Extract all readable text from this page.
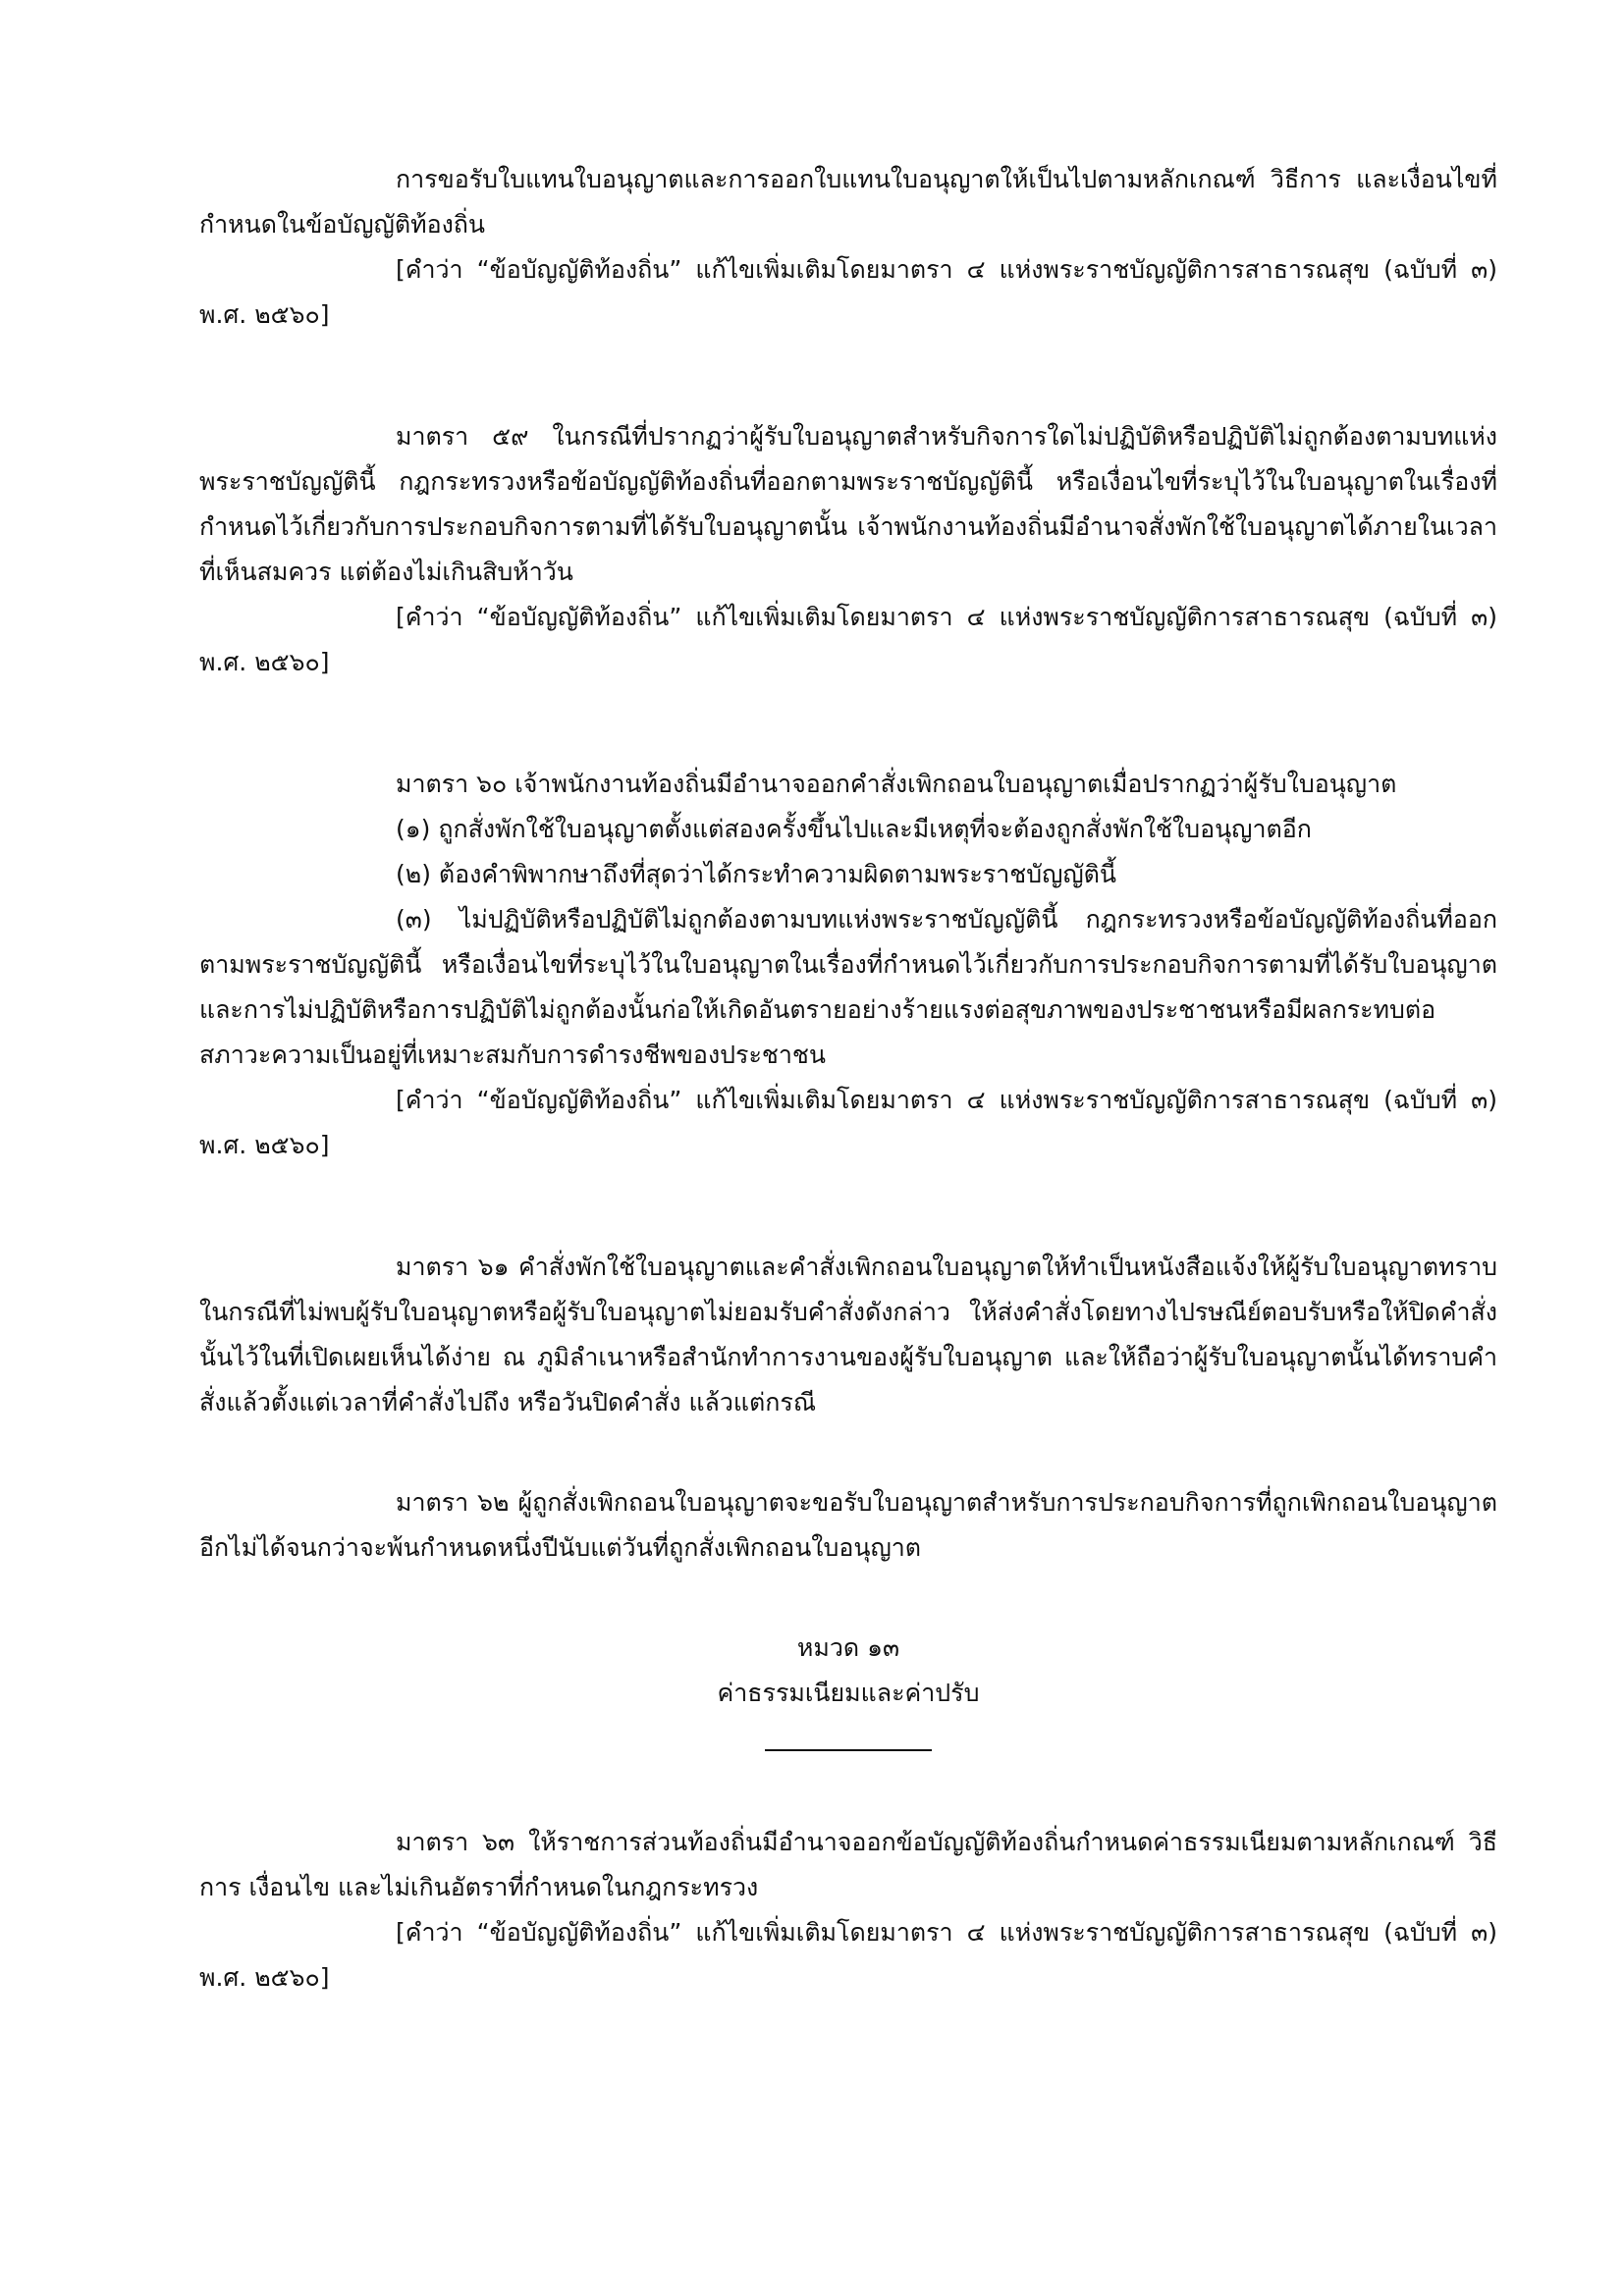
การขอรับใบแทนใบอนุญาตและการออกใบแทนใบอนุญาตให้เป็นไปตามหลักเกณฑ์ วิธีการ และเงื่อนไขที่กำหนดในข้อบัญญัติท้องถิ่น

[คำว่า “ข้อบัญญัติท้องถิ่น” แก้ไขเพิ่มเติมโดยมาตรา ๔ แห่งพระราชบัญญัติการสาธารณสุข (ฉบับที่ ๓) พ.ศ. ๒๕๖๐]

มาตรา ๕๙ ในกรณีที่ปรากฏว่าผู้รับใบอนุญาตสำหรับกิจการใดไม่ปฏิบัติหรือปฏิบัติไม่ถูกต้องตามบทแห่งพระราชบัญญัตินี้ กฎกระทรวงหรือข้อบัญญัติท้องถิ่นที่ออกตามพระราชบัญญัตินี้ หรือเงื่อนไขที่ระบุไว้ในใบอนุญาตในเรื่องที่กำหนดไว้เกี่ยวกับการประกอบกิจการตามที่ได้รับใบอนุญาตนั้น เจ้าพนักงานท้องถิ่นมีอำนาจสั่งพักใช้ใบอนุญาตได้ภายในเวลาที่เห็นสมควร แต่ต้องไม่เกินสิบห้าวัน

[คำว่า “ข้อบัญญัติท้องถิ่น” แก้ไขเพิ่มเติมโดยมาตรา ๔ แห่งพระราชบัญญัติการสาธารณสุข (ฉบับที่ ๓) พ.ศ. ๒๕๖๐]

มาตรา ๖๐ เจ้าพนักงานท้องถิ่นมีอำนาจออกคำสั่งเพิกถอนใบอนุญาตเมื่อปรากฏว่าผู้รับใบอนุญาต

(๑) ถูกสั่งพักใช้ใบอนุญาตตั้งแต่สองครั้งขึ้นไปและมีเหตุที่จะต้องถูกสั่งพักใช้ใบอนุญาตอีก

(๒) ต้องคำพิพากษาถึงที่สุดว่าได้กระทำความผิดตามพระราชบัญญัตินี้

(๓) ไม่ปฏิบัติหรือปฏิบัติไม่ถูกต้องตามบทแห่งพระราชบัญญัตินี้ กฎกระทรวงหรือข้อบัญญัติท้องถิ่นที่ออกตามพระราชบัญญัตินี้ หรือเงื่อนไขที่ระบุไว้ในใบอนุญาตในเรื่องที่กำหนดไว้เกี่ยวกับการประกอบกิจการตามที่ได้รับใบอนุญาต และการไม่ปฏิบัติหรือการปฏิบัติไม่ถูกต้องนั้นก่อให้เกิดอันตรายอย่างร้ายแรงต่อสุขภาพของประชาชนหรือมีผลกระทบต่อสภาวะความเป็นอยู่ที่เหมาะสมกับการดำรงชีพของประชาชน

[คำว่า “ข้อบัญญัติท้องถิ่น” แก้ไขเพิ่มเติมโดยมาตรา ๔ แห่งพระราชบัญญัติการสาธารณสุข (ฉบับที่ ๓) พ.ศ. ๒๕๖๐]

มาตรา ๖๑ คำสั่งพักใช้ใบอนุญาตและคำสั่งเพิกถอนใบอนุญาตให้ทำเป็นหนังสือแจ้งให้ผู้รับใบอนุญาตทราบ ในกรณีที่ไม่พบผู้รับใบอนุญาตหรือผู้รับใบอนุญาตไม่ยอมรับคำสั่งดังกล่าว ให้ส่งคำสั่งโดยทางไปรษณีย์ตอบรับหรือให้ปิดคำสั่งนั้นไว้ในที่เปิดเผยเห็นได้ง่าย ณ ภูมิลำเนาหรือสำนักทำการงานของผู้รับใบอนุญาต และให้ถือว่าผู้รับใบอนุญาตนั้นได้ทราบคำสั่งแล้วตั้งแต่เวลาที่คำสั่งไปถึง หรือวันปิดคำสั่ง แล้วแต่กรณี

มาตรา ๖๒ ผู้ถูกสั่งเพิกถอนใบอนุญาตจะขอรับใบอนุญาตสำหรับการประกอบกิจการที่ถูกเพิกถอนใบอนุญาตอีกไม่ได้จนกว่าจะพ้นกำหนดหนึ่งปีนับแต่วันที่ถูกสั่งเพิกถอนใบอนุญาต

หมวด ๑๓

ค่าธรรมเนียมและค่าปรับ

มาตรา ๖๓ ให้ราชการส่วนท้องถิ่นมีอำนาจออกข้อบัญญัติท้องถิ่นกำหนดค่าธรรมเนียมตามหลักเกณฑ์ วิธีการ เงื่อนไข และไม่เกินอัตราที่กำหนดในกฎกระทรวง

[คำว่า “ข้อบัญญัติท้องถิ่น” แก้ไขเพิ่มเติมโดยมาตรา ๔ แห่งพระราชบัญญัติการสาธารณสุข (ฉบับที่ ๓) พ.ศ. ๒๕๖๐]
